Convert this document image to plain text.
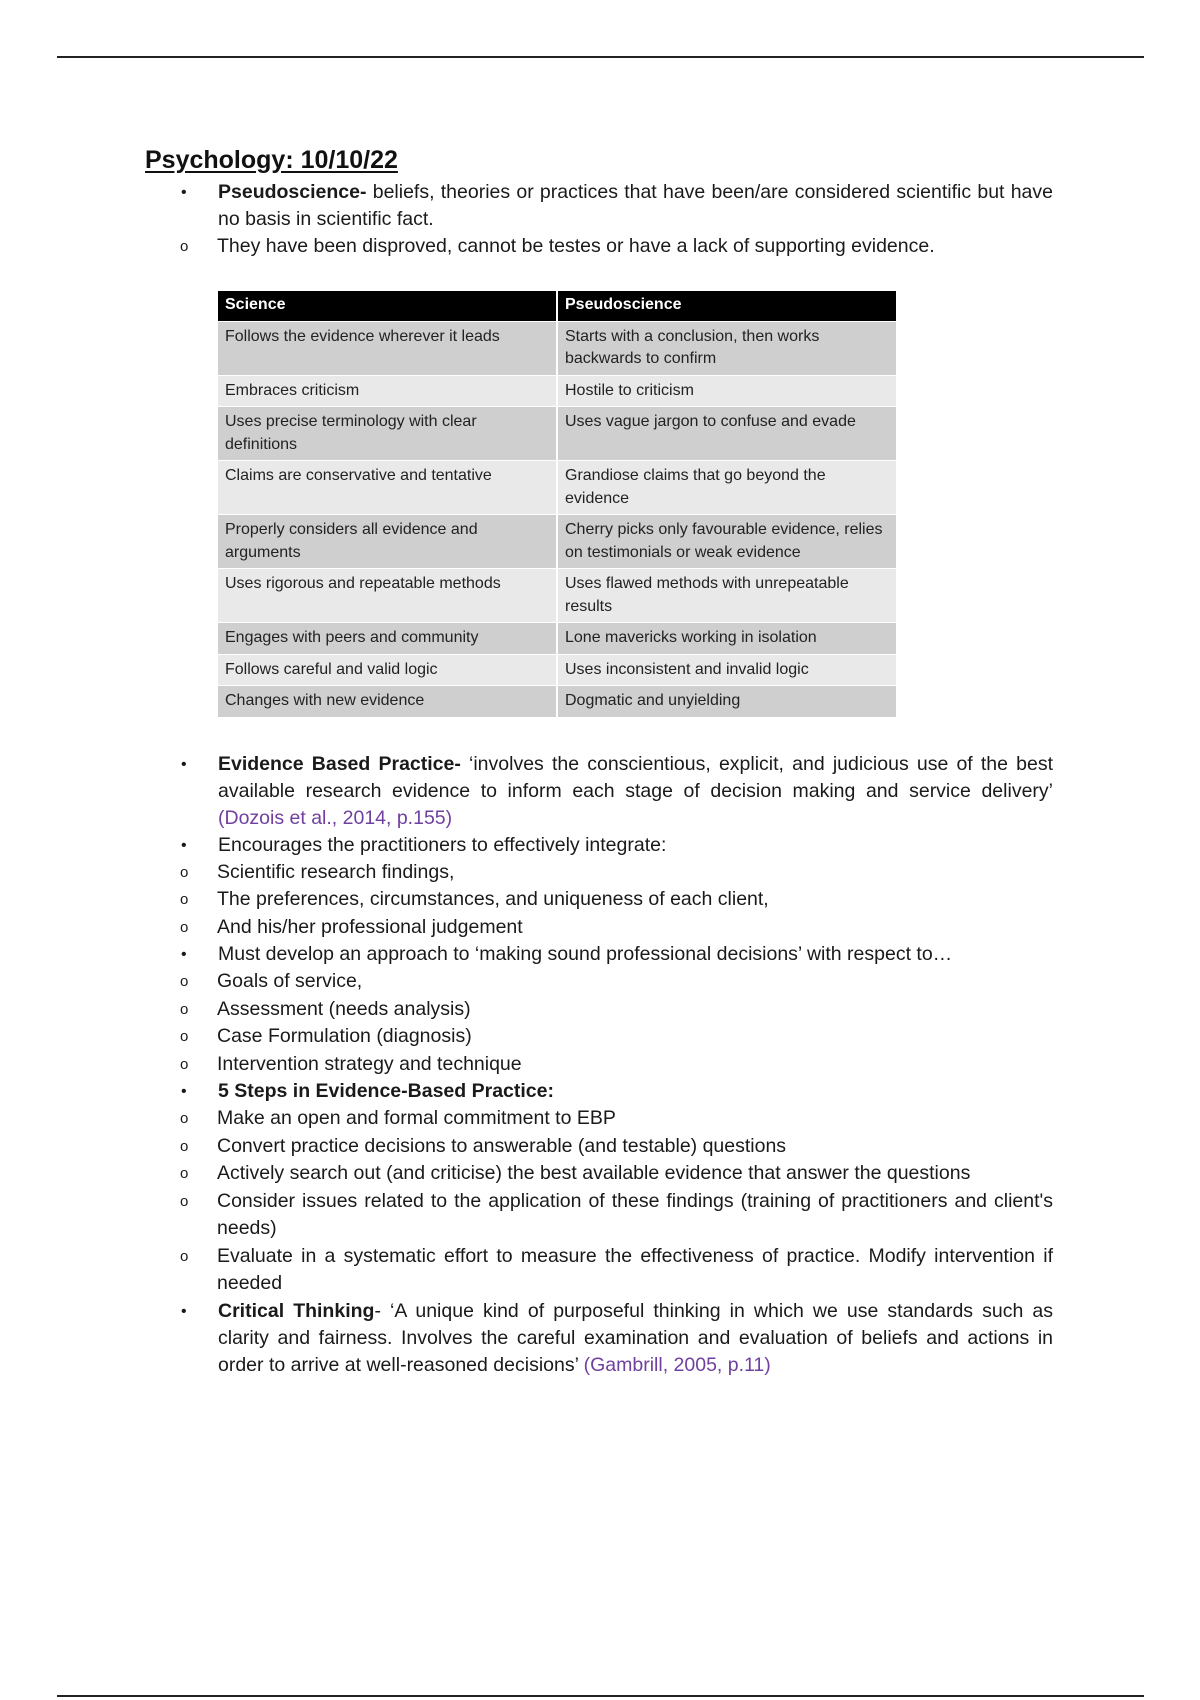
Psychology: 10/10/22
• Pseudoscience- beliefs, theories or practices that have been/are considered scientific but have no basis in scientific fact.
o They have been disproved, cannot be testes or have a lack of supporting evidence.
Science	Pseudoscience
Follows the evidence wherever it leads	Starts with a conclusion, then works backwards to confirm
Embraces criticism	Hostile to criticism
Uses precise terminology with clear definitions	Uses vague jargon to confuse and evade
Claims are conservative and tentative	Grandiose claims that go beyond the evidence
Properly considers all evidence and arguments	Cherry picks only favourable evidence, relies on testimonials or weak evidence
Uses rigorous and repeatable methods	Uses flawed methods with unrepeatable results
Engages with peers and community	Lone mavericks working in isolation
Follows careful and valid logic	Uses inconsistent and invalid logic
Changes with new evidence	Dogmatic and unyielding
• Evidence Based Practice- ‘involves the conscientious, explicit, and judicious use of the best available research evidence to inform each stage of decision making and service delivery’ (Dozois et al., 2014, p.155)
• Encourages the practitioners to effectively integrate:
o Scientific research findings,
o The preferences, circumstances, and uniqueness of each client,
o And his/her professional judgement
• Must develop an approach to ‘making sound professional decisions’ with respect to…
o Goals of service,
o Assessment (needs analysis)
o Case Formulation (diagnosis)
o Intervention strategy and technique
• 5 Steps in Evidence-Based Practice:
o Make an open and formal commitment to EBP
o Convert practice decisions to answerable (and testable) questions
o Actively search out (and criticise) the best available evidence that answer the questions
o Consider issues related to the application of these findings (training of practitioners and client's needs)
o Evaluate in a systematic effort to measure the effectiveness of practice. Modify intervention if needed
• Critical Thinking- ‘A unique kind of purposeful thinking in which we use standards such as clarity and fairness. Involves the careful examination and evaluation of beliefs and actions in order to arrive at well-reasoned decisions’ (Gambrill, 2005, p.11)
